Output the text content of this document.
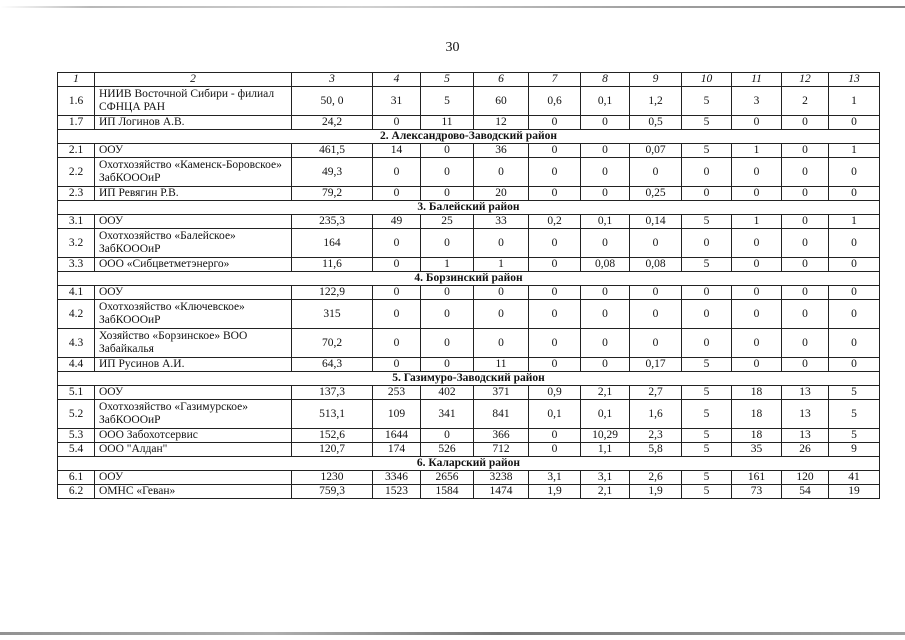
30
1	2	3	4	5	6	7	8	9	10	11	12	13
1.6	НИИВ Восточной Сибири - филиал СФНЦА РАН	50, 0	31	5	60	0,6	0,1	1,2	5	3	2	1
1.7	ИП Логинов А.В.	24,2	0	11	12	0	0	0,5	5	0	0	0
2. Александрово-Заводский район												
2.1	ООУ	461,5	14	0	36	0	0	0,07	5	1	0	1
2.2	Охотхозяйство «Каменск-Боровское» ЗабКОООиР	49,3	0	0	0	0	0	0	0	0	0	0
2.3	ИП Ревягин Р.В.	79,2	0	0	20	0	0	0,25	0	0	0	0
3. Балейский район												
3.1	ООУ	235,3	49	25	33	0,2	0,1	0,14	5	1	0	1
3.2	Охотхозяйство «Балейское» ЗабКОООиР	164	0	0	0	0	0	0	0	0	0	0
3.3	ООО «Сибцветметэнерго»	11,6	0	1	1	0	0,08	0,08	5	0	0	0
4. Борзинский район												
4.1	ООУ	122,9	0	0	0	0	0	0	0	0	0	0
4.2	Охотхозяйство «Ключевское» ЗабКОООиР	315	0	0	0	0	0	0	0	0	0	0
4.3	Хозяйство «Борзинское» ВОО Забайкалья	70,2	0	0	0	0	0	0	0	0	0	0
4.4	ИП Русинов А.И.	64,3	0	0	11	0	0	0,17	5	0	0	0
5. Газимуро-Заводский район												
5.1	ООУ	137,3	253	402	371	0,9	2,1	2,7	5	18	13	5
5.2	Охотхозяйство «Газимурское» ЗабКОООиР	513,1	109	341	841	0,1	0,1	1,6	5	18	13	5
5.3	ООО Забохотсервис	152,6	1644	0	366	0	10,29	2,3	5	18	13	5
5.4	ООО "Алдан"	120,7	174	526	712	0	1,1	5,8	5	35	26	9
6. Каларский район												
6.1	ООУ	1230	3346	2656	3238	3,1	3,1	2,6	5	161	120	41
6.2	ОМНС «Геван»	759,3	1523	1584	1474	1,9	2,1	1,9	5	73	54	19
